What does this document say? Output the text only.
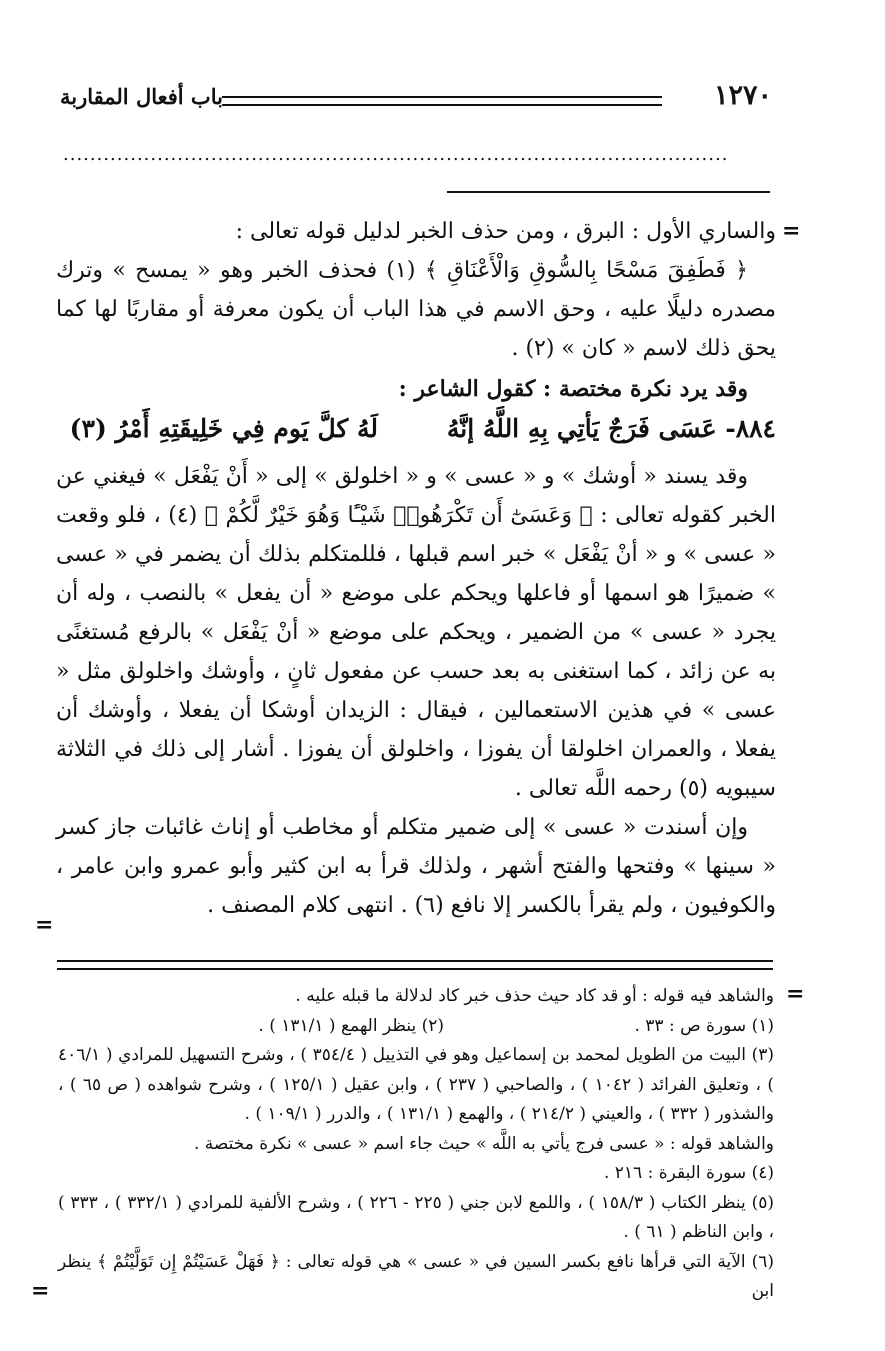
باب أفعال المقاربة	١٢٧٠
...................................................................................................
=
=
=
=

والساري الأول : البرق ، ومن حذف الخبر لدليل قوله تعالى :

﴿ فَطَفِقَ مَسْحًا بِالسُّوقِ وَالْأَعْنَاقِ ﴾ (١) فحذف الخبر وهو « يمسح » وترك مصدره دليلًا عليه ، وحق الاسم في هذا الباب أن يكون معرفة أو مقاربًا لها كما يحق ذلك لاسم « كان » (٢) .

وقد يرد نكرة مختصة : كقول الشاعر :

٨٨٤- عَسَى فَرَجٌ يَأتِي بِهِ اللَّهُ إنَّهُ
لَهُ كلَّ يَوم فِي خَلِيقَتِهِ أَمْرُ (٣)

وقد يسند « أوشك » و « عسى » و « اخلولق » إلى « أَنْ يَفْعَل » فيغني عن الخبر كقوله تعالى : ﴿ وَعَسَىٰٓ أَن تَكْرَهُوا۟ شَيْـًٔا وَهُوَ خَيْرٌ لَّكُمْ ﴾ (٤) ، فلو وقعت « عسى » و « أنْ يَفْعَل » خبر اسم قبلها ، فللمتكلم بذلك أن يضمر في « عسى » ضميرًا هو اسمها أو فاعلها ويحكم على موضع « أن يفعل » بالنصب ، وله أن يجرد « عسى » من الضمير ، ويحكم على موضع « أنْ يَفْعَل » بالرفع مُستغنًى به عن زائد ، كما استغنى به بعد حسب عن مفعول ثانٍ ، وأوشك واخلولق مثل « عسى » في هذين الاستعمالين ، فيقال : الزيدان أوشكا أن يفعلا ، وأوشك أن يفعلا ، والعمران اخلولقا أن يفوزا ، واخلولق أن يفوزا . أشار إلى ذلك في الثلاثة سيبويه (٥) رحمه اللَّه تعالى .

وإن أسندت « عسى » إلى ضمير متكلم أو مخاطب أو إناث غائبات جاز كسر « سينها » وفتحها والفتح أشهر ، ولذلك قرأ به ابن كثير وأبو عمرو وابن عامر ، والكوفيون ، ولم يقرأ بالكسر إلا نافع (٦) . انتهى كلام المصنف .

والشاهد فيه قوله : أو قد كاد حيث حذف خبر كاد لدلالة ما قبله عليه .

(١) سورة ص : ٣٣ .
(٢) ينظر الهمع ( ١٣١/١ ) .

(٣) البيت من الطويل لمحمد بن إسماعيل وهو في التذييل ( ٣٥٤/٤ ) ، وشرح التسهيل للمرادي ( ٤٠٦/١ ) ، وتعليق الفرائد ( ١٠٤٢ ) ، والصاحبي ( ٢٣٧ ) ، وابن عقيل ( ١٢٥/١ ) ، وشرح شواهده ( ص ٦٥ ) ، والشذور ( ٣٣٢ ) ، والعيني ( ٢١٤/٢ ) ، والهمع ( ١٣١/١ ) ، والدرر ( ١٠٩/١ ) .

والشاهد قوله : « عسى فرج يأتي به اللَّه » حيث جاء اسم « عسى » نكرة مختصة .

(٤) سورة البقرة : ٢١٦ .

(٥) ينظر الكتاب ( ١٥٨/٣ ) ، واللمع لابن جني ( ٢٢٥ - ٢٢٦ ) ، وشرح الألفية للمرادي ( ٣٣٢/١ ) ، ٣٣٣ ) ، وابن الناظم ( ٦١ ) .

(٦) الآية التي قرأها نافع بكسر السين في « عسى » هي قوله تعالى : ﴿ فَهَلْ عَسَيْتُمْ إِن تَوَلَّيْتُمْ ﴾ ينظر ابن
